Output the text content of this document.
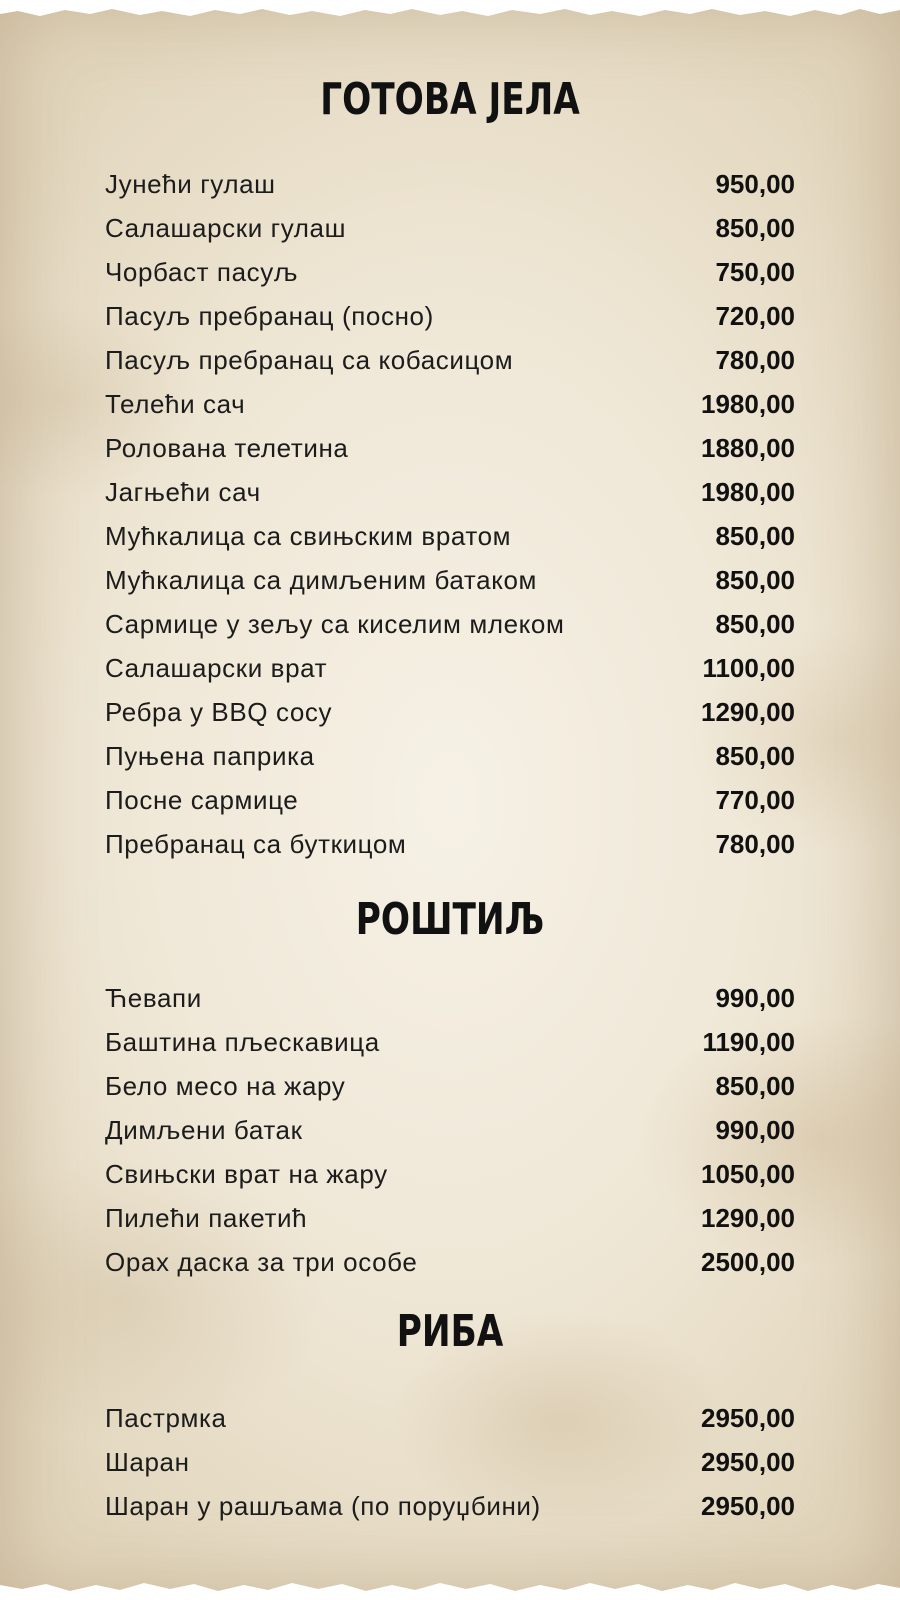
ГОТОВА ЈЕЛА
Јунећи гулаш	950,00
Салашарски гулаш	850,00
Чорбаст пасуљ	750,00
Пасуљ пребранац (посно)	720,00
Пасуљ пребранац са кобасицом	780,00
Телећи сач	1980,00
Ролована телетина	1880,00
Јагњећи сач	1980,00
Мућкалица са свињским вратом	850,00
Мућкалица са димљеним батаком	850,00
Сармице у зељу са киселим млеком	850,00
Салашарски врат	1100,00
Ребра у BBQ сосу	1290,00
Пуњена паприка	850,00
Посне сармице	770,00
Пребранац са буткицом	780,00
РОШТИЉ
Ћевапи	990,00
Баштина пљескавица	1190,00
Бело месо на жару	850,00
Димљени батак	990,00
Свињски врат на жару	1050,00
Пилећи пакетић	1290,00
Орах даска за три особе	2500,00
РИБА
Пастрмка	2950,00
Шаран	2950,00
Шаран у рашљама (по поруџбини)	2950,00
